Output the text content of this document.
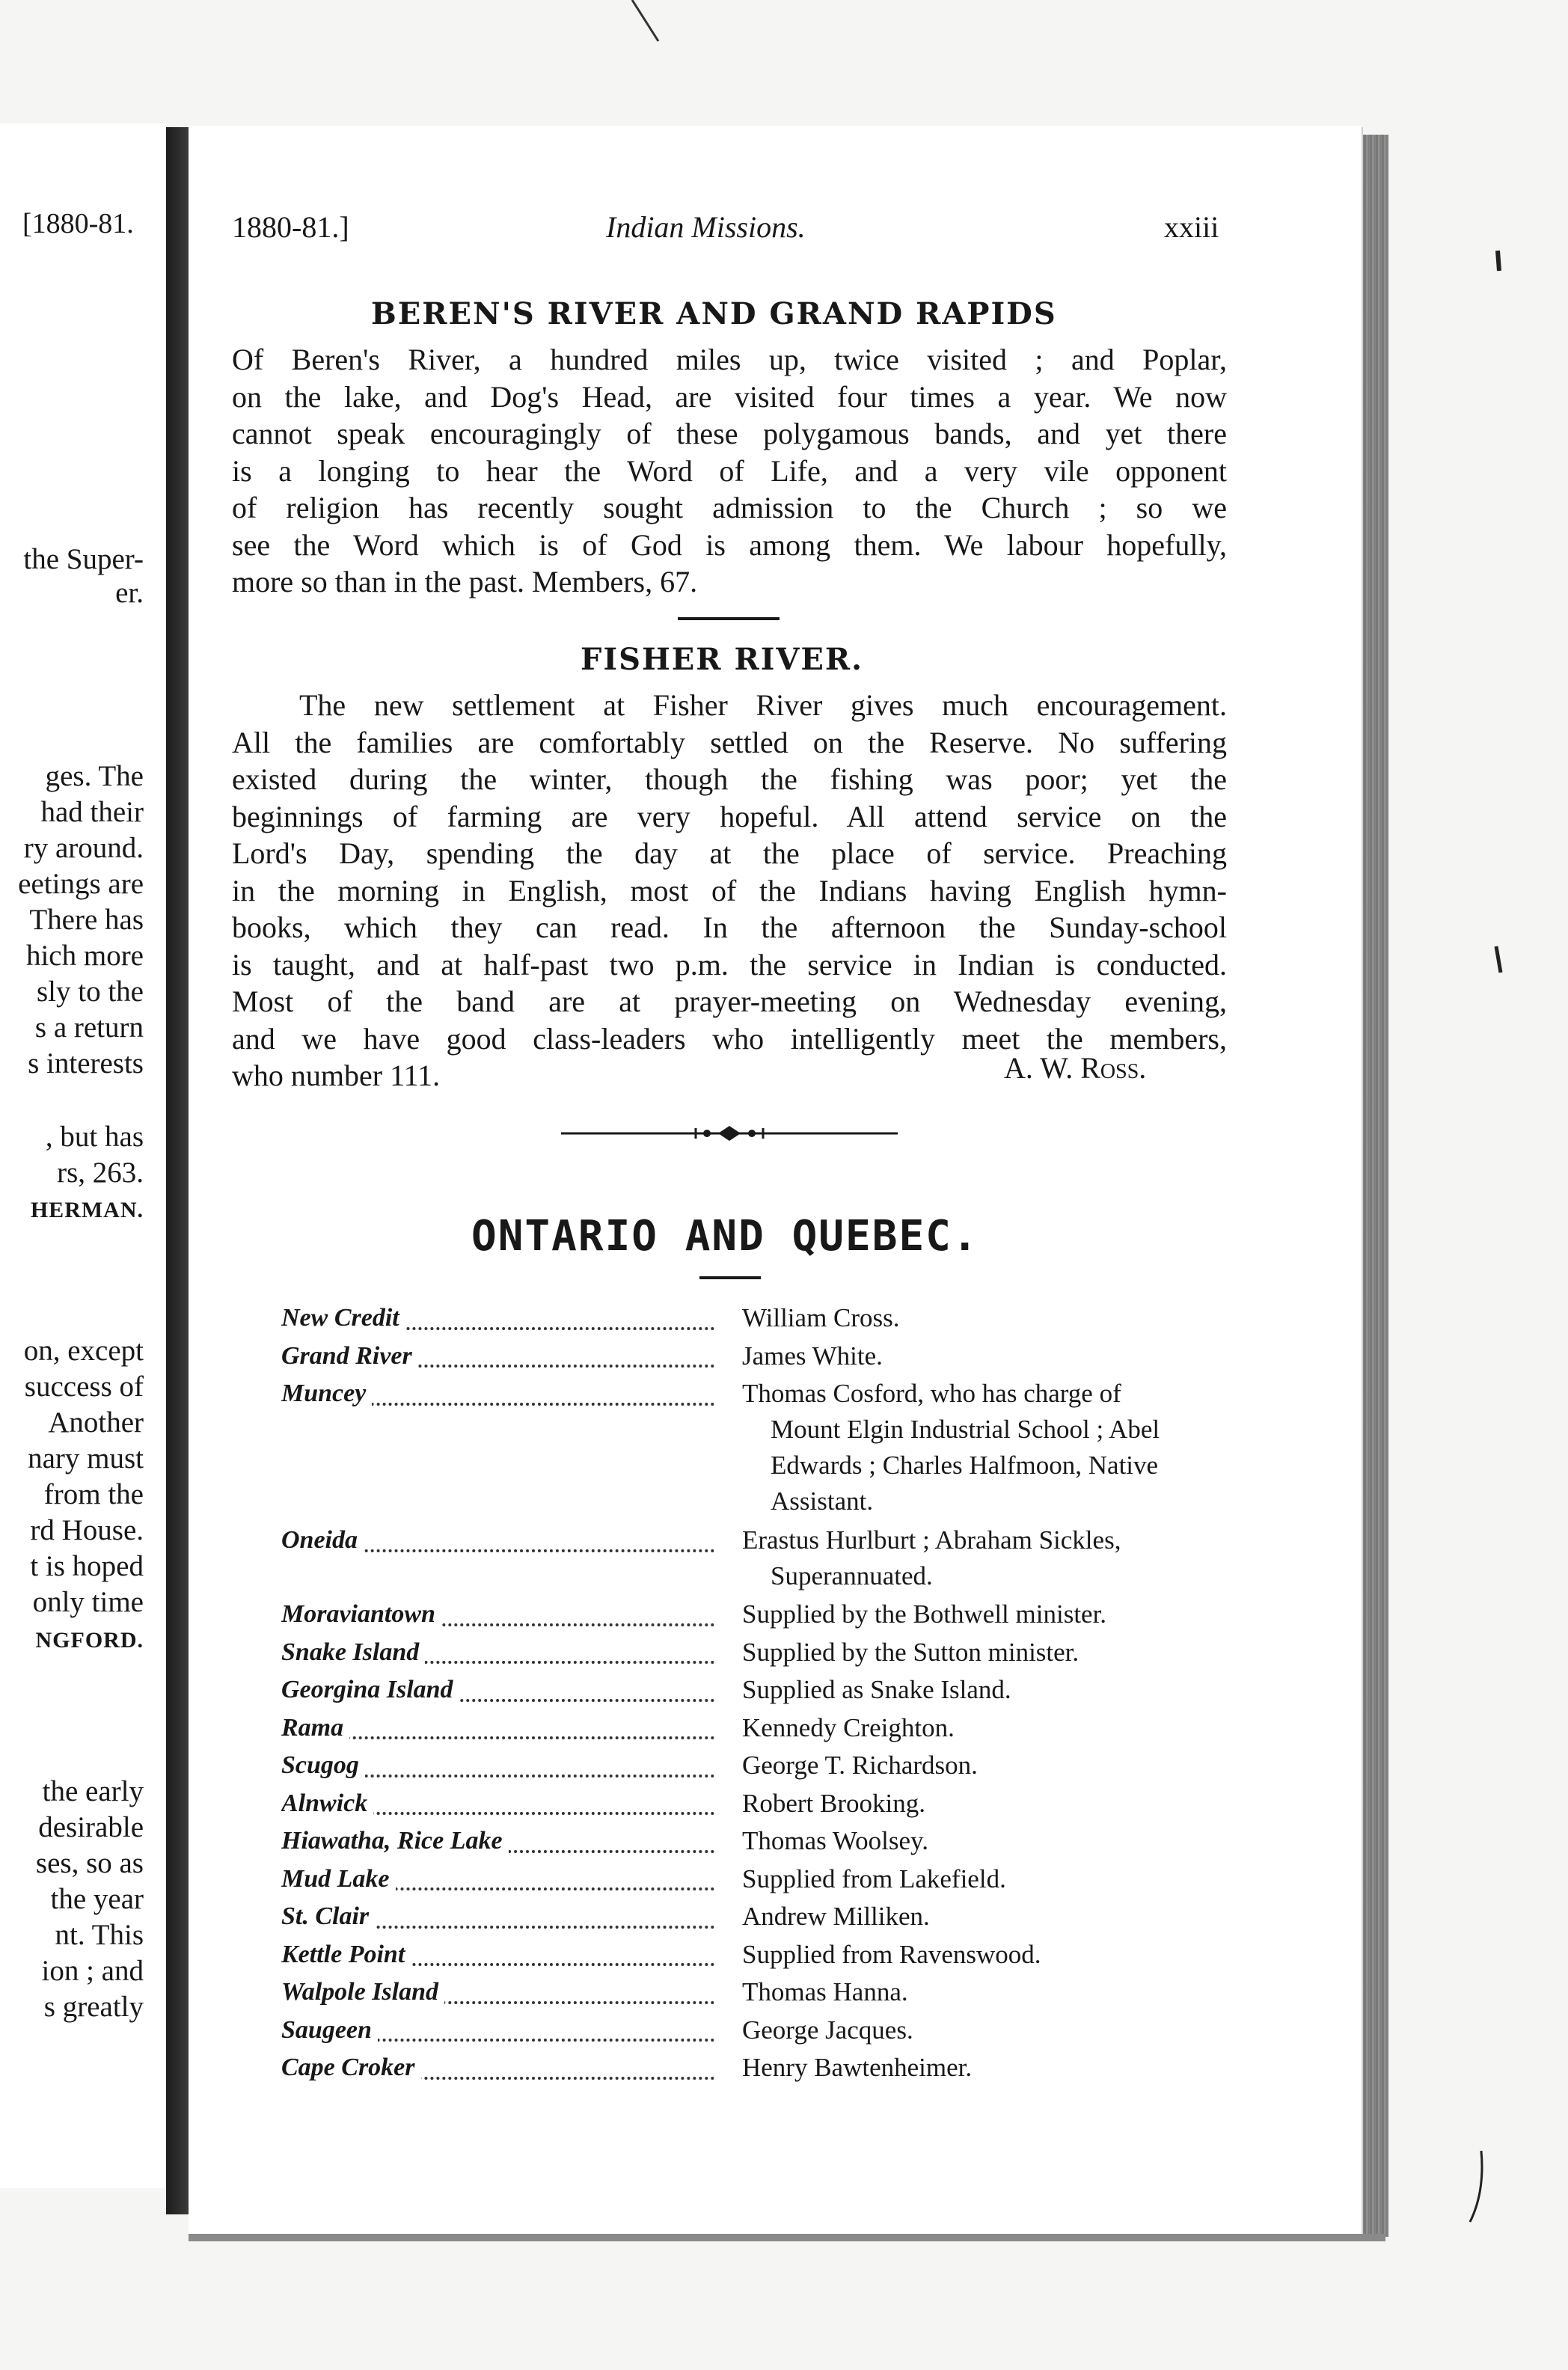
[1880-81.
the Super-
er.
ges. The
had their
ry around.
eetings are
There has
hich more
sly to the
s a return
s interests
, but has
rs, 263.
HERMAN.
on, except
success of
Another
nary must
from the
rd House.
t is hoped
only time
NGFORD.
the early
desirable
ses, so as
the year
nt. This
ion ; and
s greatly
1880-81.]	Indian Missions.	xxiii
BEREN'S RIVER AND GRAND RAPIDS
Of Beren's River, a hundred miles up, twice visited ; and Poplar,
on the lake, and Dog's Head, are visited four times a year. We now
cannot speak encouragingly of these polygamous bands, and yet there
is a longing to hear the Word of Life, and a very vile opponent
of religion has recently sought admission to the Church ; so we
see the Word which is of God is among them. We labour hopefully,
more so than in the past. Members, 67.
FISHER RIVER.
The new settlement at Fisher River gives much encouragement.
All the families are comfortably settled on the Reserve. No suffering
existed during the winter, though the fishing was poor; yet the
beginnings of farming are very hopeful. All attend service on the
Lord's Day, spending the day at the place of service. Preaching
in the morning in English, most of the Indians having English hymn-
books, which they can read. In the afternoon the Sunday-school
is taught, and at half-past two p.m. the service in Indian is conducted.
Most of the band are at prayer-meeting on Wednesday evening,
and we have good class-leaders who intelligently meet the members,
who number 111.	A. W. Ross.
ONTARIO AND QUEBEC.
New Credit	William Cross.
Grand River	James White.
Muncey	Thomas Cosford, who has charge of
Mount Elgin Industrial School ; Abel
Edwards ; Charles Halfmoon, Native
Assistant.
Oneida	Erastus Hurlburt ; Abraham Sickles,
Superannuated.
Moraviantown	Supplied by the Bothwell minister.
Snake Island	Supplied by the Sutton minister.
Georgina Island	Supplied as Snake Island.
Rama	Kennedy Creighton.
Scugog	George T. Richardson.
Alnwick	Robert Brooking.
Hiawatha, Rice Lake	Thomas Woolsey.
Mud Lake	Supplied from Lakefield.
St. Clair	Andrew Milliken.
Kettle Point	Supplied from Ravenswood.
Walpole Island	Thomas Hanna.
Saugeen	George Jacques.
Cape Croker	Henry Bawtenheimer.
